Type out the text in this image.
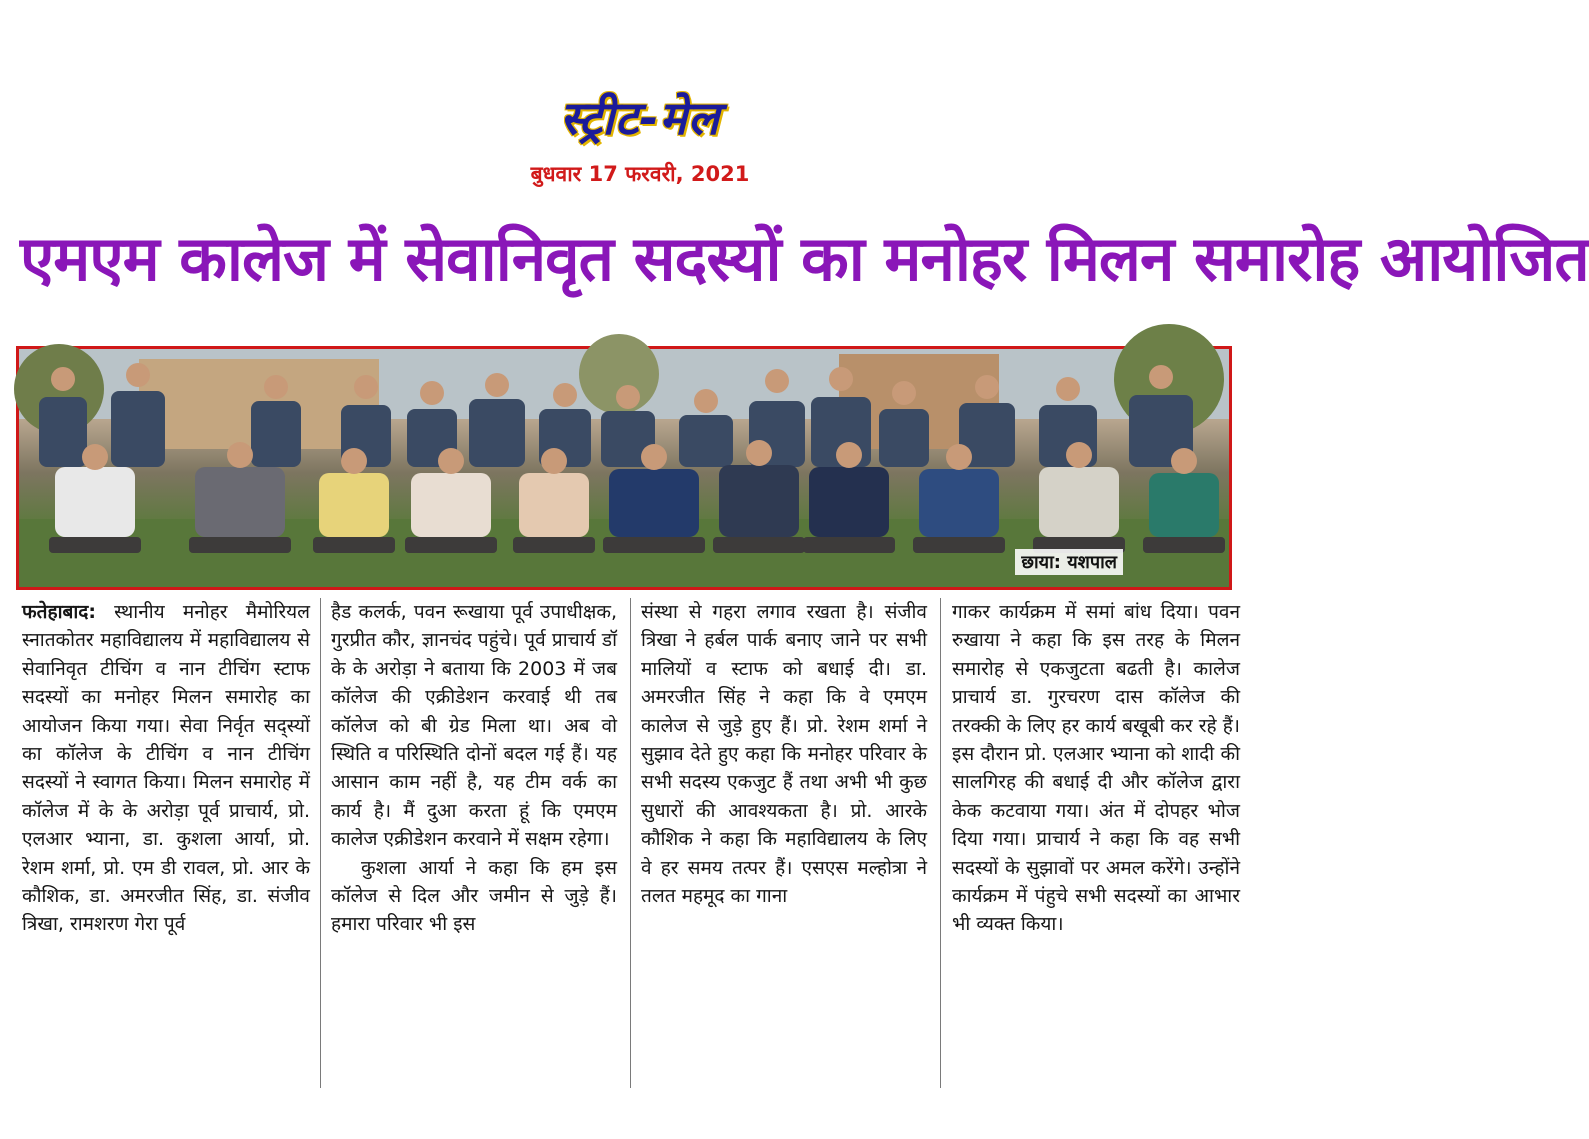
स्ट्रीट-मेल
बुधवार 17 फरवरी, 2021
एमएम कालेज में सेवानिवृत सदस्यों का मनोहर मिलन समारोह आयोजित
छाया: यशपाल

फतेहाबाद: स्थानीय मनोहर मैमोरियल स्नातकोतर महाविद्यालय में महाविद्यालय से सेवानिवृत टीचिंग व नान टीचिंग स्टाफ सदस्यों का मनोहर मिलन समारोह का आयोजन किया गया। सेवा निर्वृत सद्स्यों का कॉलेज के टीचिंग व नान टीचिंग सदस्यों ने स्वागत किया। मिलन समारोह में कॉलेज में के के अरोड़ा पूर्व प्राचार्य, प्रो. एलआर भ्याना, डा. कुशला आर्या, प्रो. रेशम शर्मा, प्रो. एम डी रावल, प्रो. आर के कौशिक, डा. अमरजीत सिंह, डा. संजीव त्रिखा, रामशरण गेरा पूर्व

हैड कलर्क, पवन रूखाया पूर्व उपाधीक्षक, गुरप्रीत कौर, ज्ञानचंद पहुंचे। पूर्व प्राचार्य डॉ के के अरोड़ा ने बताया कि 2003 में जब कॉलेज की एक्रीडेशन करवाई थी तब कॉलेज को बी ग्रेड मिला था। अब वो स्थिति व परिस्थिति दोनों बदल गई हैं। यह आसान काम नहीं है, यह टीम वर्क का कार्य है। मैं दुआ करता हूं कि एमएम कालेज एक्रीडेशन करवाने में सक्षम रहेगा।

कुशला आर्या ने कहा कि हम इस कॉलेज से दिल और जमीन से जुड़े हैं। हमारा परिवार भी इस

संस्था से गहरा लगाव रखता है। संजीव त्रिखा ने हर्बल पार्क बनाए जाने पर सभी मालियों व स्टाफ को बधाई दी। डा. अमरजीत सिंह ने कहा कि वे एमएम कालेज से जुड़े हुए हैं। प्रो. रेशम शर्मा ने सुझाव देते हुए कहा कि मनोहर परिवार के सभी सदस्य एकजुट हैं तथा अभी भी कुछ सुधारों की आवश्यकता है। प्रो. आरके कौशिक ने कहा कि महाविद्यालय के लिए वे हर समय तत्पर हैं। एसएस मल्होत्रा ने तलत महमूद का गाना

गाकर कार्यक्रम में समां बांध दिया। पवन रुखाया ने कहा कि इस तरह के मिलन समारोह से एकजुटता बढती है। कालेज प्राचार्य डा. गुरचरण दास कॉलेज की तरक्की के लिए हर कार्य बखूबी कर रहे हैं। इस दौरान प्रो. एलआर भ्याना को शादी की सालगिरह की बधाई दी और कॉलेज द्वारा केक कटवाया गया। अंत में दोपहर भोज दिया गया। प्राचार्य ने कहा कि वह सभी सदस्यों के सुझावों पर अमल करेंगे। उन्होंने कार्यक्रम में पंहुचे सभी सदस्यों का आभार भी व्यक्त किया।
